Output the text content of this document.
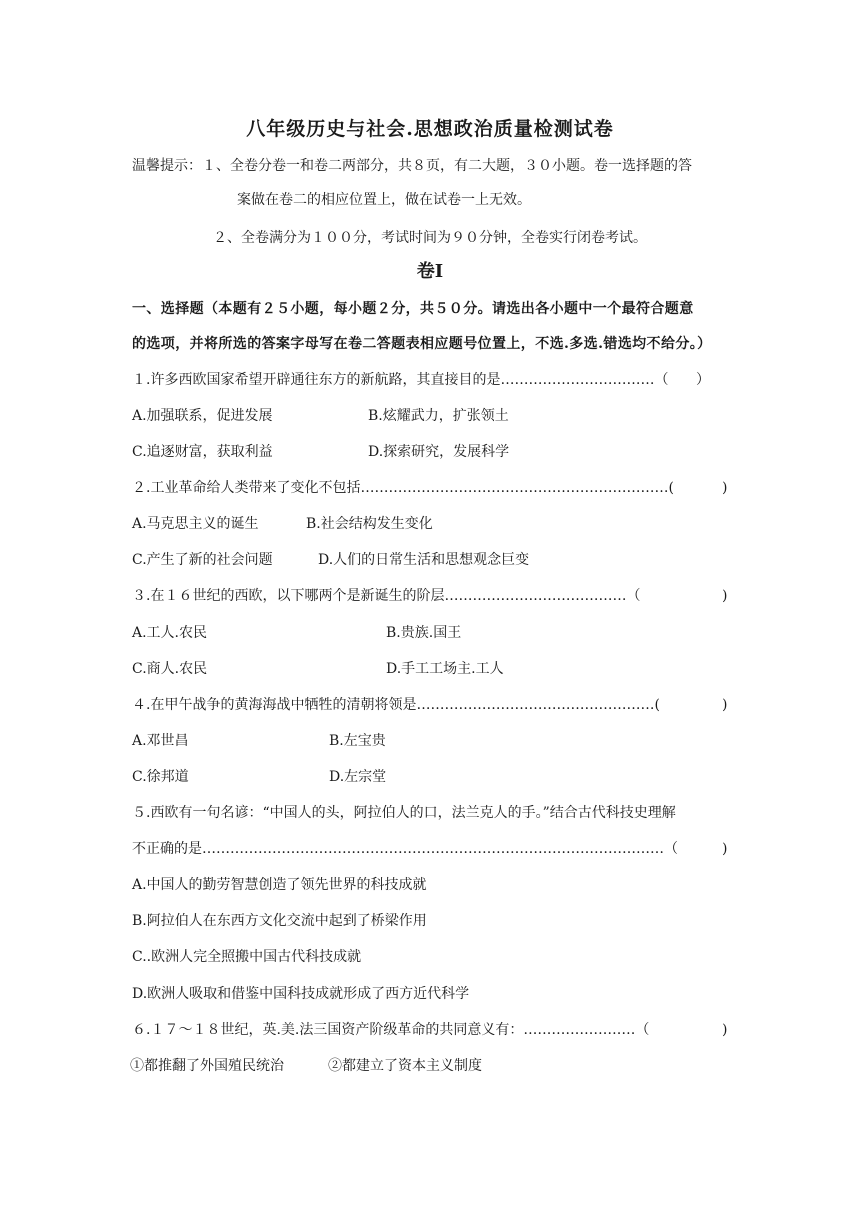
八年级历史与社会.思想政治质量检测试卷
温馨提示：１、全卷分卷一和卷二两部分，共８页，有二大题，３０小题。卷一选择题的答
案做在卷二的相应位置上，做在试卷一上无效。
２、全卷满分为１００分，考试时间为９０分钟，全卷实行闭卷考试。
卷Ⅰ
一、选择题（本题有２５小题，每小题２分，共５０分。请选出各小题中一个最符合题意
的选项，并将所选的答案字母写在卷二答题表相应题号位置上，不选.多选.错选均不给分。）
１.许多西欧国家希望开辟通往东方的新航路，其直接目的是……………………………（ ）
A.加强联系，促进发展	B.炫耀武力，扩张领土
C.追逐财富，获取利益	D.探索研究，发展科学
２.工业革命给人类带来了变化不包括…………………………………………………………(	)
A.马克思主义的诞生	B.社会结构发生变化
C.产生了新的社会问题	D.人们的日常生活和思想观念巨变
３.在１６世纪的西欧，以下哪两个是新诞生的阶层…………………………………（	)
A.工人.农民	B.贵族.国王
C.商人.农民	D.手工工场主.工人
４.在甲午战争的黄海海战中牺牲的清朝将领是……………………………………………(	)
A.邓世昌	B.左宝贵
C.徐邦道	D.左宗堂
５.西欧有一句名谚：“中国人的头，阿拉伯人的口，法兰克人的手。”结合古代科技史理解
不正确的是………………………………………………………………………………………（	)
A.中国人的勤劳智慧创造了领先世界的科技成就
B.阿拉伯人在东西方文化交流中起到了桥梁作用
C..欧洲人完全照搬中国古代科技成就
D.欧洲人吸取和借鉴中国科技成就形成了西方近代科学
６.１７～１８世纪，英.美.法三国资产阶级革命的共同意义有：……………………（	)
①都推翻了外国殖民统治	②都建立了资本主义制度
